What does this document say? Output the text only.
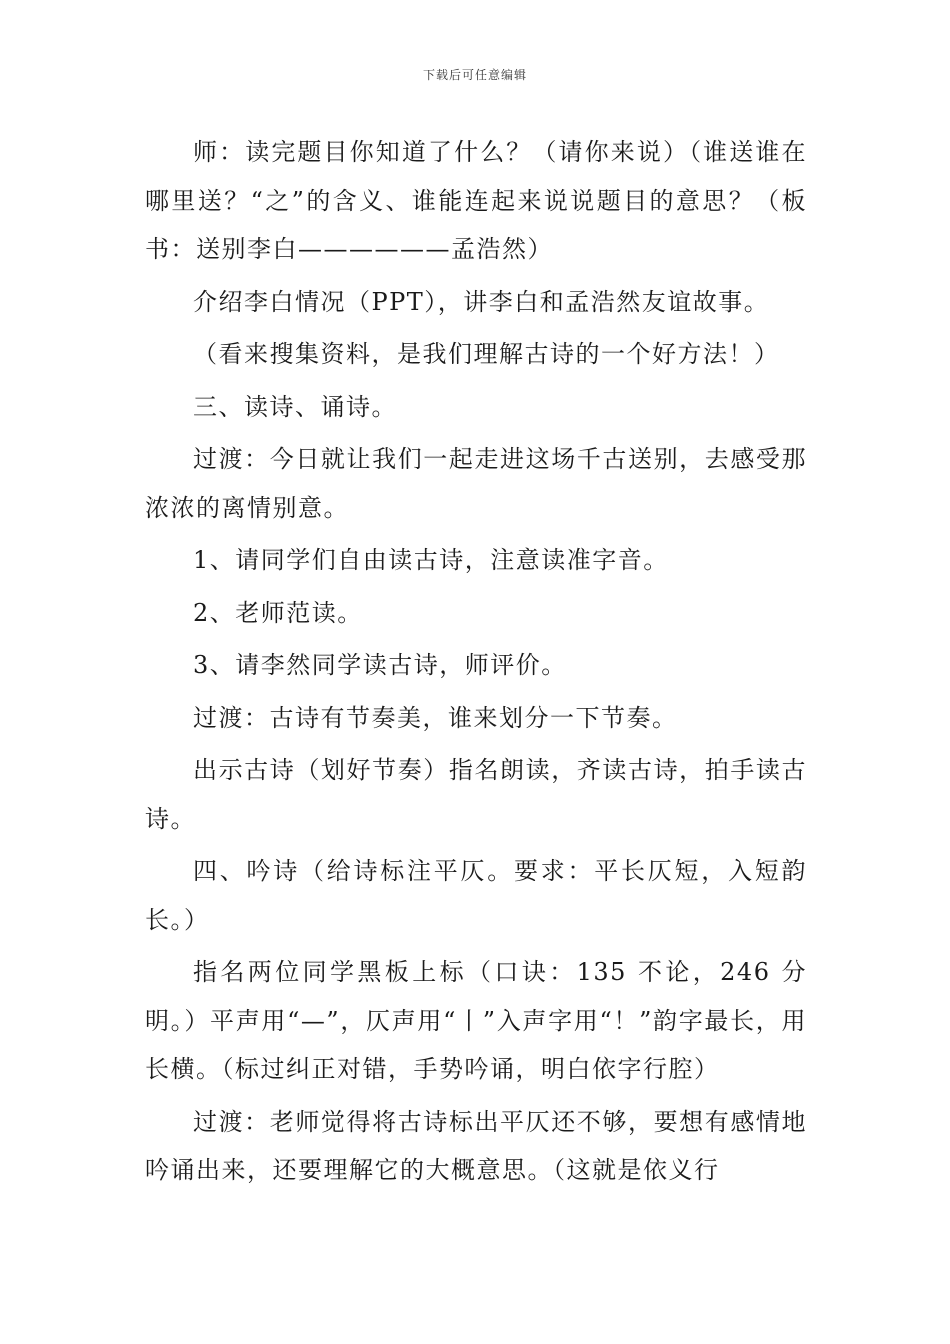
下载后可任意编辑

师：读完题目你知道了什么？（请你来说）（谁送谁在哪里送？“之”的含义、谁能连起来说说题目的意思？（板书：送别李白——————孟浩然）

介绍李白情况（PPT），讲李白和孟浩然友谊故事。

（看来搜集资料，是我们理解古诗的一个好方法！）

三、读诗、诵诗。

过渡：今日就让我们一起走进这场千古送别，去感受那浓浓的离情别意。

1、请同学们自由读古诗，注意读准字音。

2、老师范读。

3、请李然同学读古诗，师评价。

过渡：古诗有节奏美，谁来划分一下节奏。

出示古诗（划好节奏）指名朗读，齐读古诗，拍手读古诗。

四、吟诗（给诗标注平仄。要求：平长仄短，入短韵长。）

指名两位同学黑板上标（口诀：135 不论，246 分明。）平声用“—”，仄声用“丨”入声字用“！”韵字最长，用长横。（标过纠正对错，手势吟诵，明白依字行腔）

过渡：老师觉得将古诗标出平仄还不够，要想有感情地吟诵出来，还要理解它的大概意思。（这就是依义行
